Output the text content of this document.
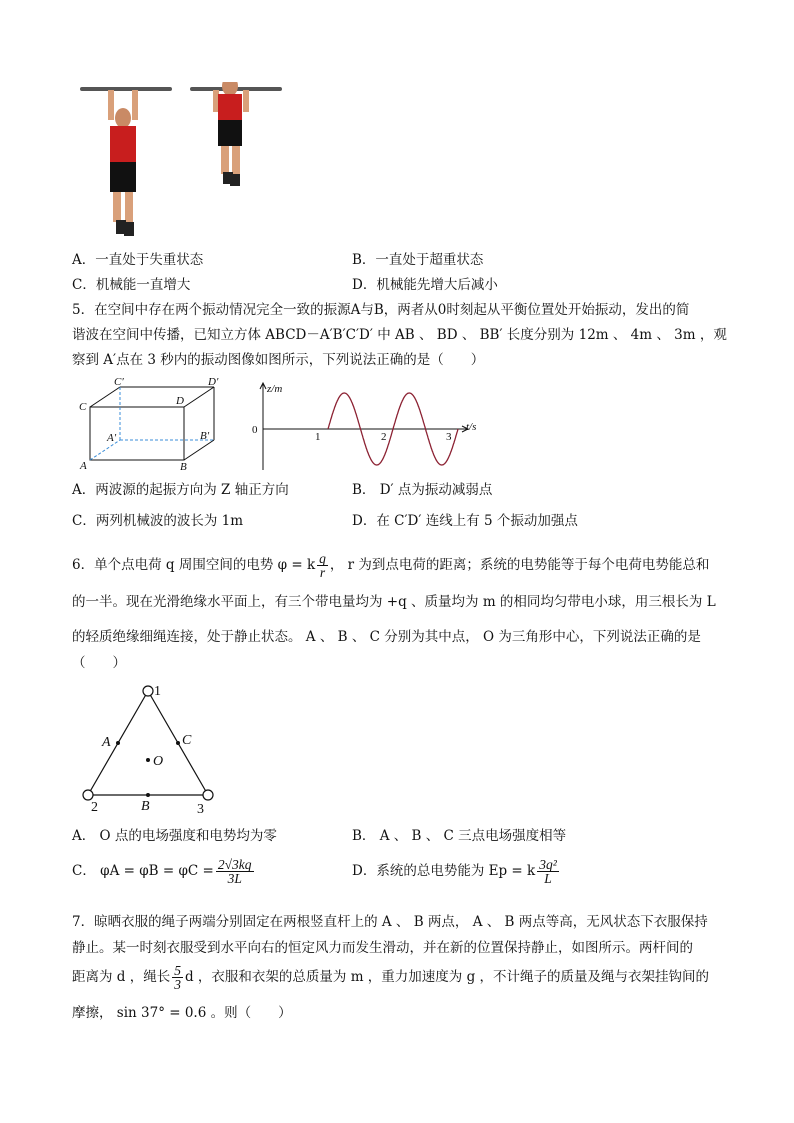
A．一直处于失重状态	B．一直处于超重状态
C．机械能一直增大	D．机械能先增大后减小
5．在空间中存在两个振动情况完全一致的振源A与B，两者从0时刻起从平衡位置处开始振动，发出的简
谐波在空间中传播，已知立方体 ABCD－A′B′C′D′ 中 AB 、 BD 、 BB′ 长度分别为 12m 、 4m 、 3m ，观
察到 A′点在 3 秒内的振动图像如图所示，下列说法正确的是（　　）
C′	D′
C	D
A′	B′
A	B
z/m
t/s
0
1	2	3
A．两波源的起振方向为 Z 轴正方向	B． D′ 点为振动减弱点
C．两列机械波的波长为 1m	D．在 C′D′ 连线上有 5 个振动加强点
6．单个点电荷 q 周围空间的电势 φ = k $\frac{q}{r}$ ， r 为到点电荷的距离；系统的电势能等于每个电荷电势能总和
的一半。现在光滑绝缘水平面上，有三个带电量均为 +q 、质量均为 m 的相同均匀带电小球，用三根长为 L
的轻质绝缘细绳连接，处于静止状态。 A 、 B 、 C 分别为其中点， O 为三角形中心，下列说法正确的是
（　　）
1
2	3
A
B
C
O
A． O 点的电场强度和电势均为零	B． A 、 B 、 C 三点电场强度相等
C． $\varphi A = \varphi B = \varphi C = \frac{2√3kq}{3L}$	D．系统的总电势能为 Ep = k $\frac{\text{3q²}}{L}$
7．晾晒衣服的绳子两端分别固定在两根竖直杆上的 A 、 B 两点， A 、 B 两点等高，无风状态下衣服保持
静止。某一时刻衣服受到水平向右的恒定风力而发生滑动，并在新的位置保持静止，如图所示。两杆间的
距离为 d ，绳长 $\frac{5}{3}$ d ，衣服和衣架的总质量为 m ，重力加速度为 g ，不计绳子的质量及绳与衣架挂钩间的
摩擦， sin 37° = 0.6 。则（　　）
